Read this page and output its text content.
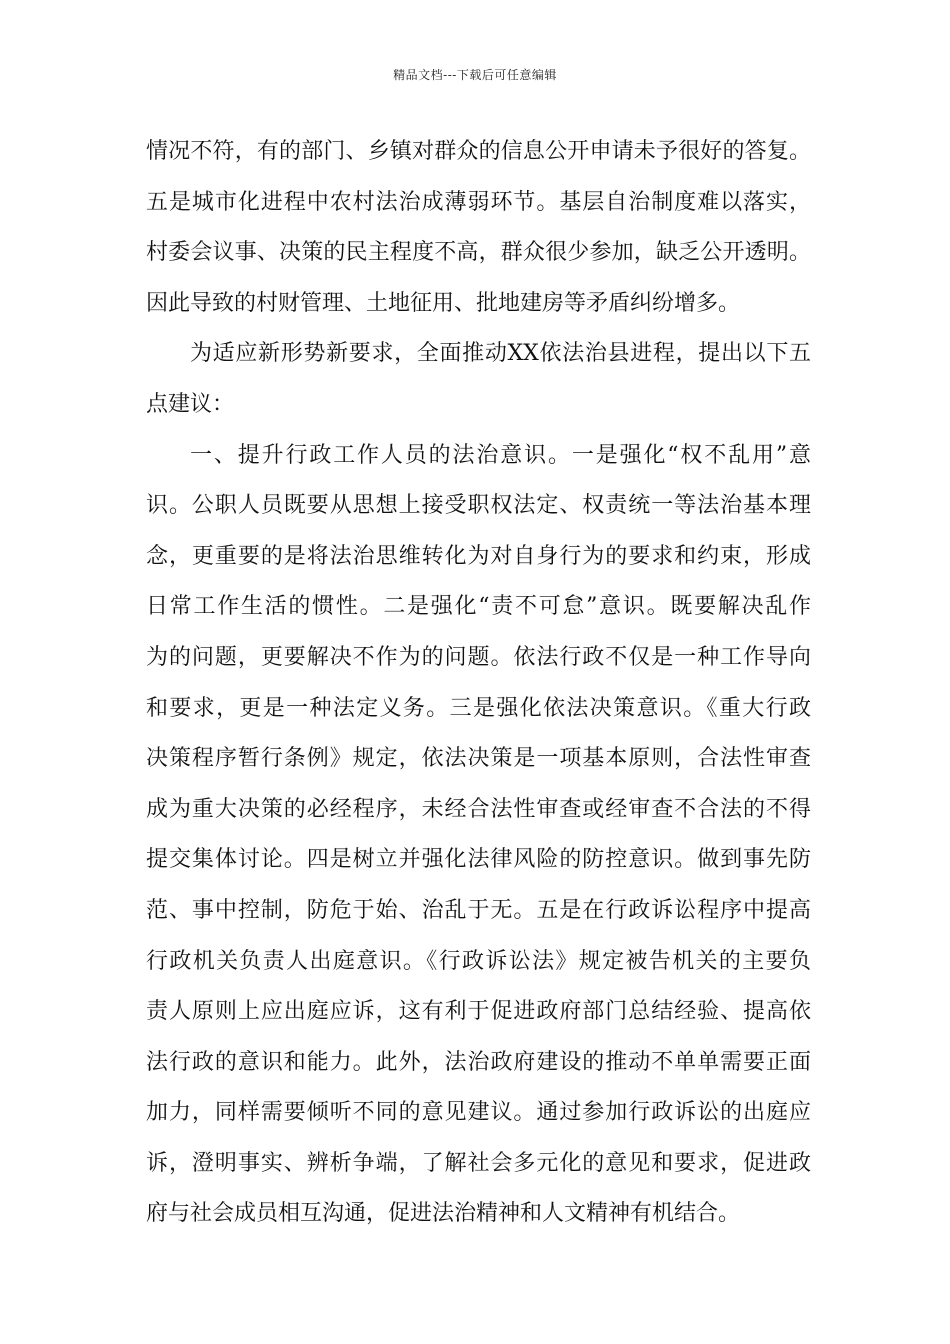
精品文档---下载后可任意编辑
情况不符，有的部门、乡镇对群众的信息公开申请未予很好的答复。
五是城市化进程中农村法治成薄弱环节。基层自治制度难以落实，
村委会议事、决策的民主程度不高，群众很少参加，缺乏公开透明。
因此导致的村财管理、土地征用、批地建房等矛盾纠纷增多。
为适应新形势新要求，全面推动XX依法治县进程，提出以下五
点建议：
一、提升行政工作人员的法治意识。一是强化“权不乱用”意
识。公职人员既要从思想上接受职权法定、权责统一等法治基本理
念，更重要的是将法治思维转化为对自身行为的要求和约束，形成
日常工作生活的惯性。二是强化“责不可怠”意识。既要解决乱作
为的问题，更要解决不作为的问题。依法行政不仅是一种工作导向
和要求，更是一种法定义务。三是强化依法决策意识。《重大行政
决策程序暂行条例》规定，依法决策是一项基本原则，合法性审查
成为重大决策的必经程序，未经合法性审查或经审查不合法的不得
提交集体讨论。四是树立并强化法律风险的防控意识。做到事先防
范、事中控制，防危于始、治乱于无。五是在行政诉讼程序中提高
行政机关负责人出庭意识。《行政诉讼法》规定被告机关的主要负
责人原则上应出庭应诉，这有利于促进政府部门总结经验、提高依
法行政的意识和能力。此外，法治政府建设的推动不单单需要正面
加力，同样需要倾听不同的意见建议。通过参加行政诉讼的出庭应
诉，澄明事实、辨析争端，了解社会多元化的意见和要求，促进政
府与社会成员相互沟通，促进法治精神和人文精神有机结合。
